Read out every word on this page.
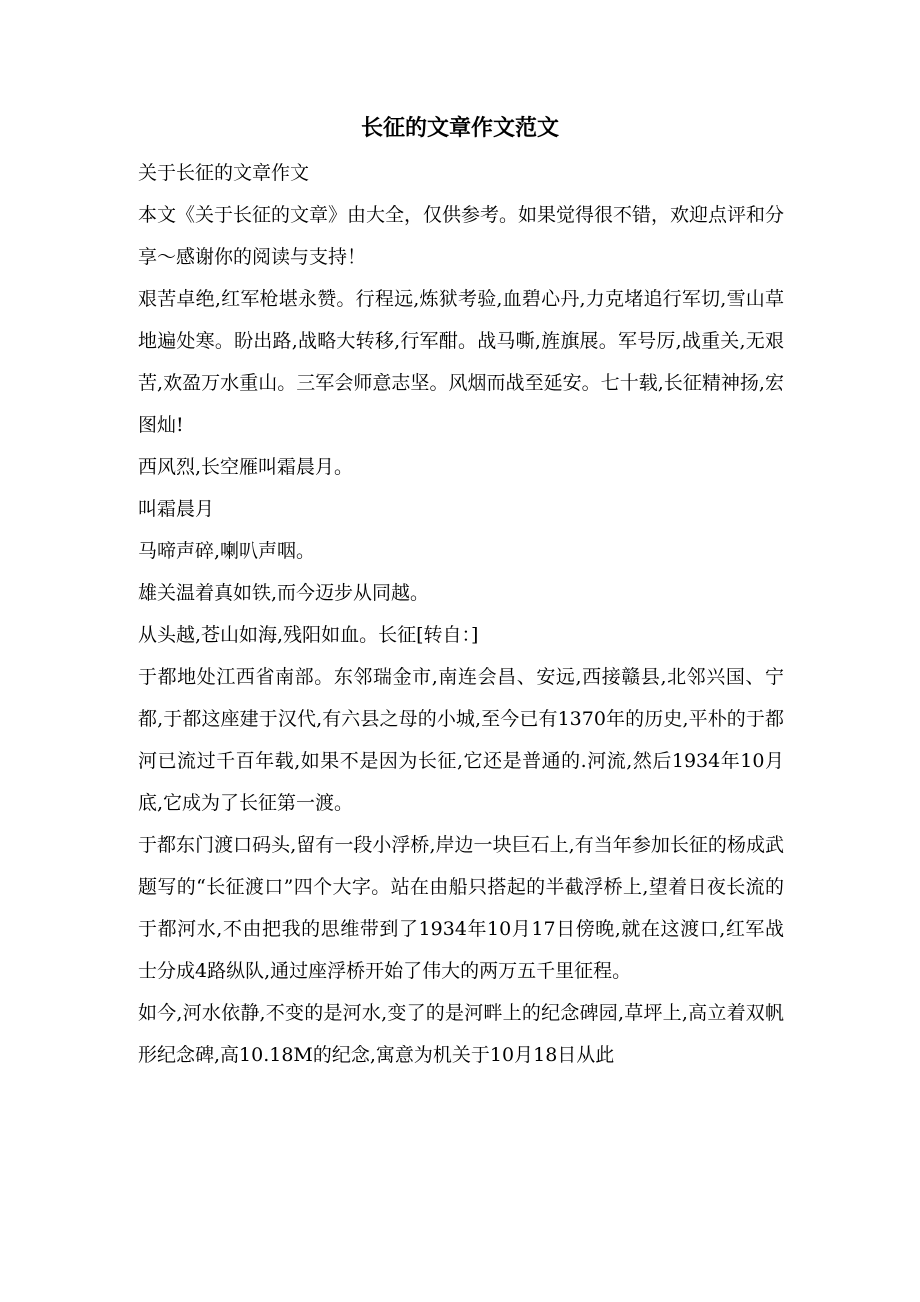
长征的文章作文范文

关于长征的文章作文

本文《关于长征的文章》由大全，仅供参考。如果觉得很不错，欢迎点评和分享～感谢你的阅读与支持！

艰苦卓绝,红军枪堪永赞。行程远,炼狱考验,血碧心丹,力克堵追行军切,雪山草地遍处寒。盼出路,战略大转移,行军酣。战马嘶,旌旗展。军号厉,战重关,无艰苦,欢盈万水重山。三军会师意志坚。风烟而战至延安。七十载,长征精神扬,宏图灿!

西风烈,长空雁叫霜晨月。

叫霜晨月

马啼声碎,喇叭声咽。

雄关温着真如铁,而今迈步从同越。

从头越,苍山如海,残阳如血。长征[转自：]

于都地处江西省南部。东邻瑞金市,南连会昌、安远,西接赣县,北邻兴国、宁都,于都这座建于汉代,有六县之母的小城,至今已有1370年的历史,平朴的于都河已流过千百年载,如果不是因为长征,它还是普通的.河流,然后1934年10月底,它成为了长征第一渡。

于都东门渡口码头,留有一段小浮桥,岸边一块巨石上,有当年参加长征的杨成武题写的“长征渡口”四个大字。站在由船只搭起的半截浮桥上,望着日夜长流的于都河水,不由把我的思维带到了1934年10月17日傍晚,就在这渡口,红军战士分成4路纵队,通过座浮桥开始了伟大的两万五千里征程。

如今,河水依静,不变的是河水,变了的是河畔上的纪念碑园,草坪上,高立着双帆形纪念碑,高10.18M的纪念,寓意为机关于10月18日从此
